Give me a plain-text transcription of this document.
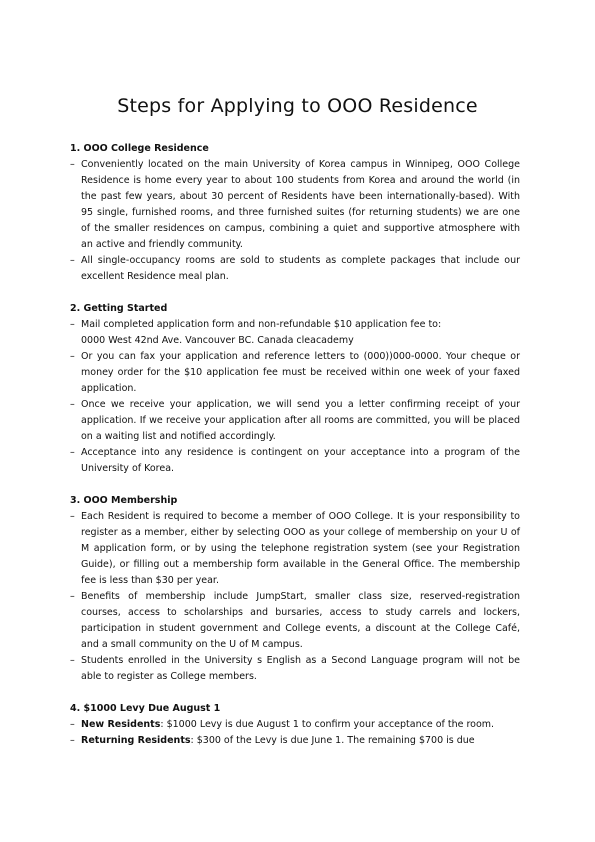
Steps for Applying to OOO Residence

1. OOO College Residence

– Conveniently located on the main University of Korea campus in Winnipeg, OOO College Residence is home every year to about 100 students from Korea and around the world (in the past few years, about 30 percent of Residents have been internationally-based). With 95 single, furnished rooms, and three furnished suites (for returning students) we are one of the smaller residences on campus, combining a quiet and supportive atmosphere with an active and friendly community.

– All single-occupancy rooms are sold to students as complete packages that include our excellent Residence meal plan.

2. Getting Started

– Mail completed application form and non-refundable $10 application fee to:

0000 West 42nd Ave. Vancouver BC. Canada cleacademy

– Or you can fax your application and reference letters to (000))000-0000. Your cheque or money order for the $10 application fee must be received within one week of your faxed application.

– Once we receive your application, we will send you a letter confirming receipt of your application. If we receive your application after all rooms are committed, you will be placed on a waiting list and notified accordingly.

– Acceptance into any residence is contingent on your acceptance into a program of the University of Korea.

3. OOO Membership

– Each Resident is required to become a member of OOO College. It is your responsibility to register as a member, either by selecting OOO as your college of membership on your U of M application form, or by using the telephone registration system (see your Registration Guide), or filling out a membership form available in the General Office. The membership fee is less than $30 per year.

– Benefits of membership include JumpStart, smaller class size, reserved-registration courses, access to scholarships and bursaries, access to study carrels and lockers, participation in student government and College events, a discount at the College Café, and a small community on the U of M campus.

– Students enrolled in the University s English as a Second Language program will not be able to register as College members.

4. $1000 Levy Due August 1

– New Residents: $1000 Levy is due August 1 to confirm your acceptance of the room.

– Returning Residents: $300 of the Levy is due June 1. The remaining $700 is due
